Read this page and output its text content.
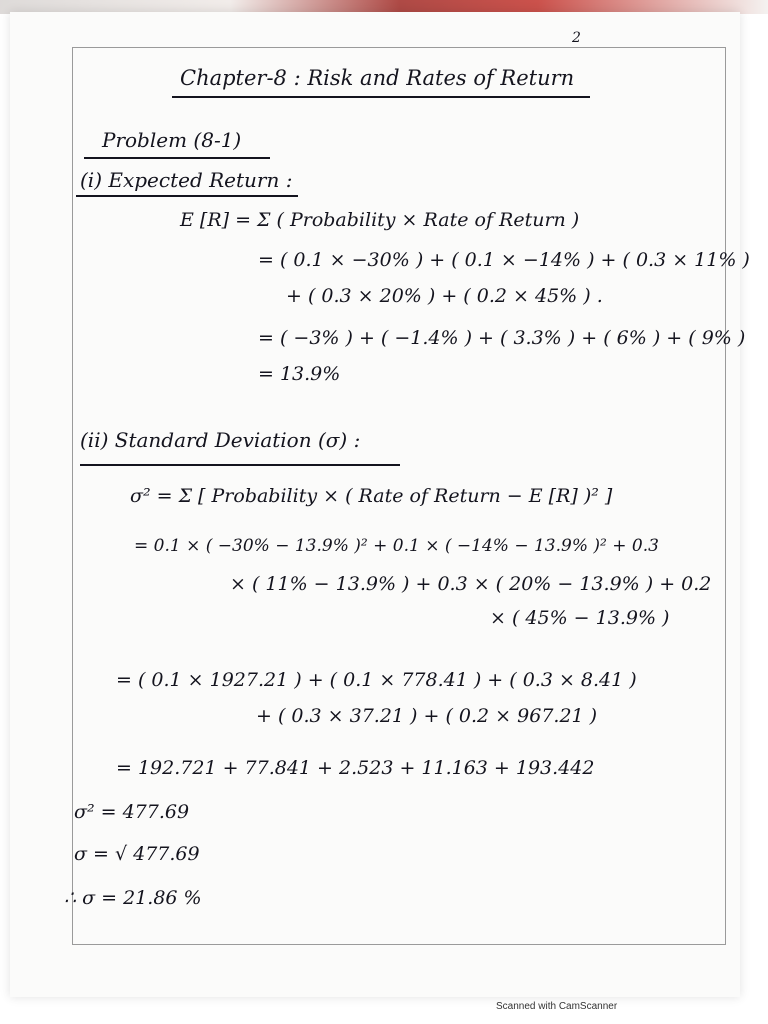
2
Chapter-8 : Risk and Rates of Return
Problem (8-1)
(i) Expected Return :
E [R] = Σ ( Probability × Rate of Return )
= ( 0.1 × −30% ) + ( 0.1 × −14% ) + ( 0.3 × 11% )
+ ( 0.3 × 20% ) + ( 0.2 × 45% ) .
= ( −3% ) + ( −1.4% ) + ( 3.3% ) + ( 6% ) + ( 9% )
= 13.9%
(ii) Standard Deviation (σ) :
σ² = Σ [ Probability × ( Rate of Return − E [R] )² ]
= 0.1 × ( −30% − 13.9% )² + 0.1 × ( −14% − 13.9% )² + 0.3
× ( 11% − 13.9% ) + 0.3 × ( 20% − 13.9% ) + 0.2
× ( 45% − 13.9% )
= ( 0.1 × 1927.21 ) + ( 0.1 × 778.41 ) + ( 0.3 × 8.41 )
+ ( 0.3 × 37.21 ) + ( 0.2 × 967.21 )
= 192.721 + 77.841 + 2.523 + 11.163 + 193.442
σ² = 477.69
σ = √ 477.69
∴ σ = 21.86 %
Scanned with CamScanner
